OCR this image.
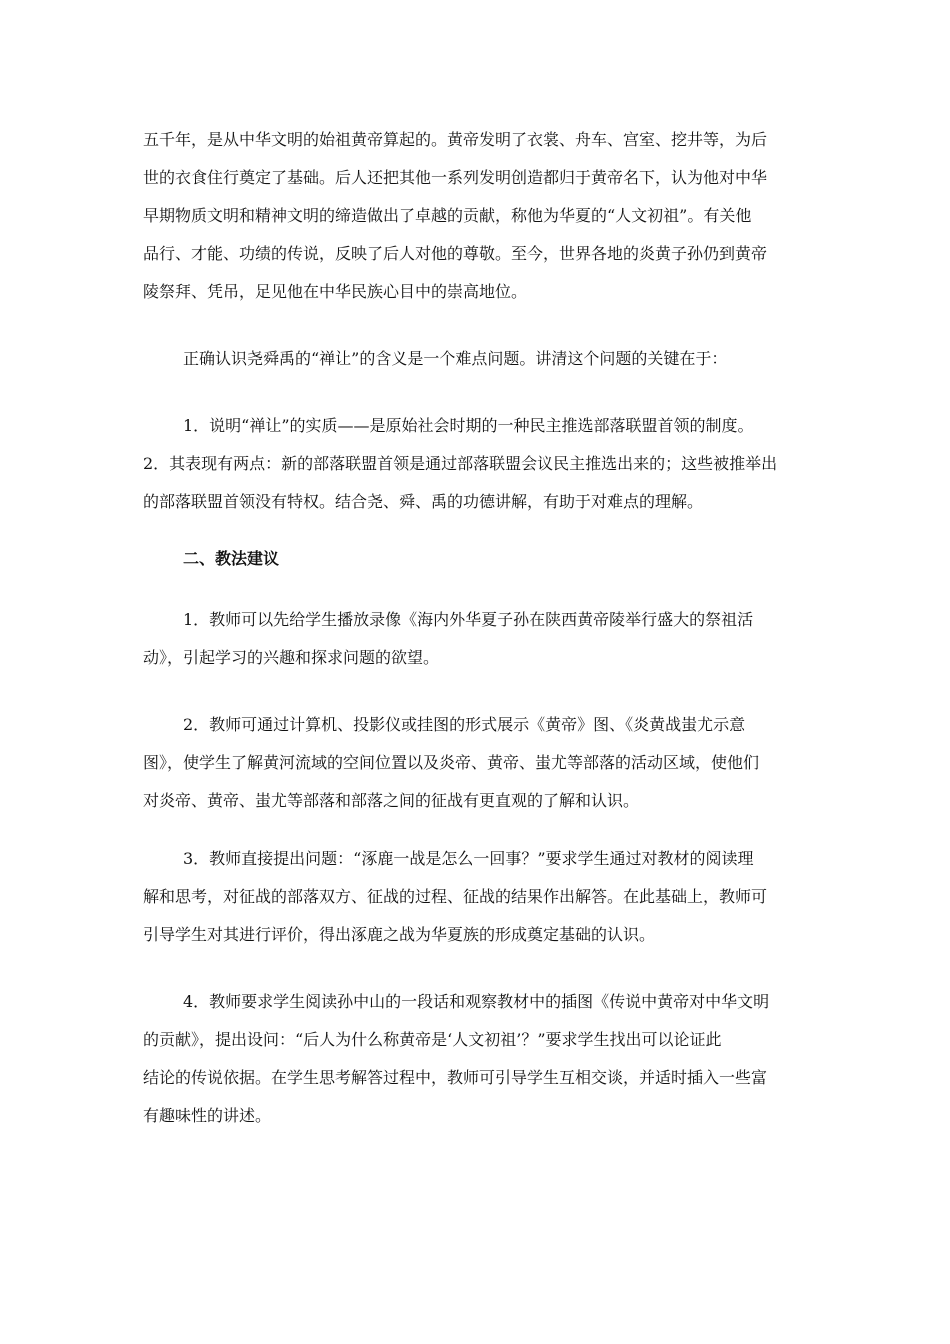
五千年，是从中华文明的始祖黄帝算起的。黄帝发明了衣裳、舟车、宫室、挖井等，为后
世的衣食住行奠定了基础。后人还把其他一系列发明创造都归于黄帝名下，认为他对中华
早期物质文明和精神文明的缔造做出了卓越的贡献，称他为华夏的“人文初祖”。有关他
品行、才能、功绩的传说，反映了后人对他的尊敬。至今，世界各地的炎黄子孙仍到黄帝
陵祭拜、凭吊，足见他在中华民族心目中的崇高地位。
正确认识尧舜禹的“禅让”的含义是一个难点问题。讲清这个问题的关键在于：
1．说明“禅让”的实质——是原始社会时期的一种民主推选部落联盟首领的制度。
2．其表现有两点：新的部落联盟首领是通过部落联盟会议民主推选出来的；这些被推举出
的部落联盟首领没有特权。结合尧、舜、禹的功德讲解，有助于对难点的理解。
二、教法建议
1．教师可以先给学生播放录像《海内外华夏子孙在陕西黄帝陵举行盛大的祭祖活
动》，引起学习的兴趣和探求问题的欲望。
2．教师可通过计算机、投影仪或挂图的形式展示《黄帝》图、《炎黄战蚩尤示意
图》，使学生了解黄河流域的空间位置以及炎帝、黄帝、蚩尤等部落的活动区域，使他们
对炎帝、黄帝、蚩尤等部落和部落之间的征战有更直观的了解和认识。
3．教师直接提出问题：“涿鹿一战是怎么一回事？”要求学生通过对教材的阅读理
解和思考，对征战的部落双方、征战的过程、征战的结果作出解答。在此基础上，教师可
引导学生对其进行评价，得出涿鹿之战为华夏族的形成奠定基础的认识。
4．教师要求学生阅读孙中山的一段话和观察教材中的插图《传说中黄帝对中华文明
的贡献》，提出设问：“后人为什么称黄帝是‘人文初祖’？”要求学生找出可以论证此
结论的传说依据。在学生思考解答过程中，教师可引导学生互相交谈，并适时插入一些富
有趣味性的讲述。
